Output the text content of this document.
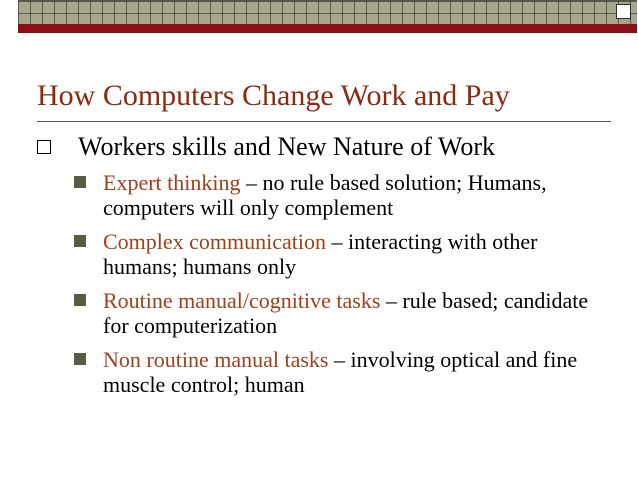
How Computers Change Work and Pay
Workers skills and New Nature of Work
Expert thinking – no rule based solution; Humans, computers will only complement
Complex communication – interacting with other humans; humans only
Routine manual/cognitive tasks – rule based; candidate for computerization
Non routine manual tasks – involving optical and fine muscle control; human
